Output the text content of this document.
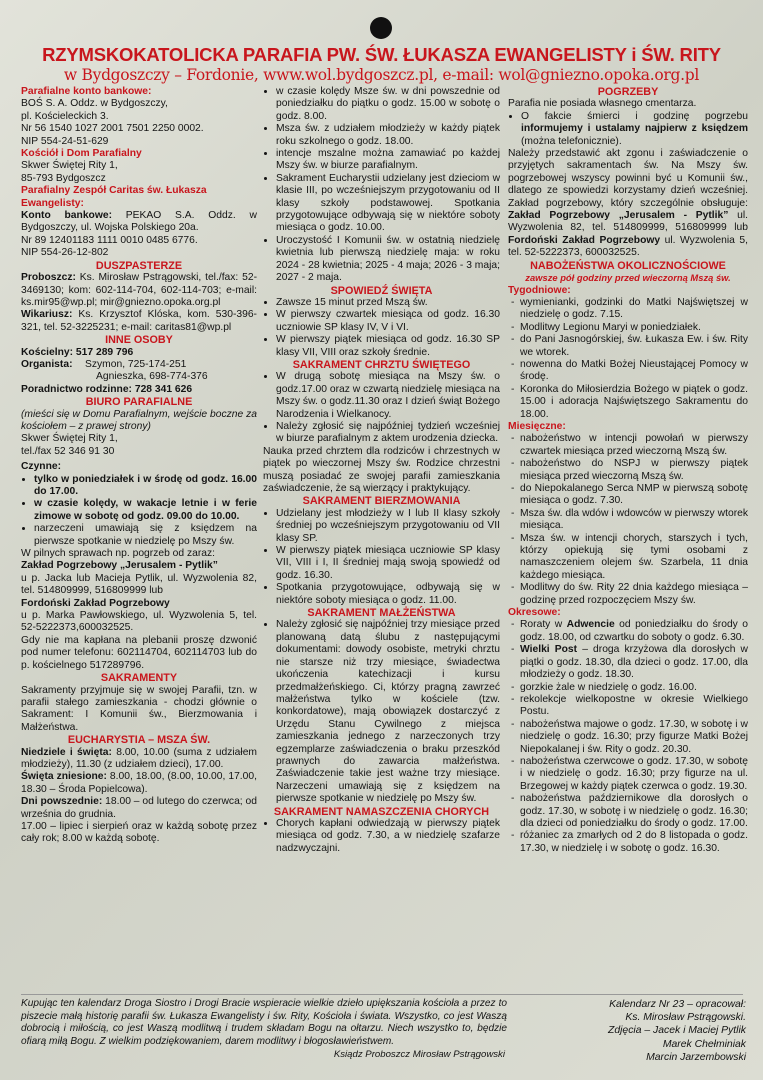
RZYMSKOKATOLICKA PARAFIA PW. ŚW. ŁUKASZA EWANGELISTY i ŚW. RITY
w Bydgoszczy – Fordonie, www.wol.bydgoszcz.pl, e-mail: wol@gniezno.opoka.org.pl

Parafialne konto bankowe:

BOŚ S. A. Oddz. w Bydgoszczy,

pl. Kościeleckich 3.

Nr 56 1540 1027 2001 7501 2250 0002.

NIP 554-24-51-629

Kościół i Dom Parafialny

Skwer Świętej Rity 1,

85-793 Bydgoszcz

Parafialny Zespół Caritas św. Łukasza Ewangelisty:

Konto bankowe: PEKAO S.A. Oddz. w Bydgoszczy, ul. Wojska Polskiego 20a.

Nr 89 12401183 1111 0010 0485 6776.

NIP 554-26-12-802

DUSZPASTERZE

Proboszcz: Ks. Mirosław Pstrągowski, tel./fax: 52-3469130; kom: 602-114-704, 602-114-703; e-mail: ks.mir95@wp.pl; mir@gniezno.opoka.org.pl

Wikariusz: Ks. Krzysztof Klóska, kom. 530-396-321, tel. 52-3225231; e-mail: caritas81@wp.pl

INNE OSOBY

Kościelny: 517 289 796

Organista:	Szymon, 725-174-251

Agnieszka, 698-774-376

Poradnictwo rodzinne: 728 341 626

BIURO PARAFIALNE

(mieści się w Domu Parafialnym, wejście boczne za kościołem – z prawej strony)

Skwer Świętej Rity 1,

tel./fax 52 346 91 30

Czynne:

• tylko w poniedziałek i w środę od godz. 16.00 do 17.00.
• w czasie kolędy, w wakacje letnie i w ferie zimowe w sobotę od godz. 09.00 do 10.00.
• narzeczeni umawiają się z księdzem na pierwsze spotkanie w niedzielę po Mszy św.

W pilnych sprawach np. pogrzeb od zaraz:

Zakład Pogrzebowy „Jerusalem - Pytlik”

u p. Jacka lub Macieja Pytlik, ul. Wyzwolenia 82, tel. 514809999, 516809999 lub

Fordoński Zakład Pogrzebowy

u p. Marka Pawłowskiego, ul. Wyzwolenia 5, tel. 52-5222373,600032525.

Gdy nie ma kapłana na plebanii proszę dzwonić pod numer telefonu: 602114704, 602114703 lub do p. kościelnego 517289796.

SAKRAMENTY

Sakramenty przyjmuje się w swojej Parafii, tzn. w parafii stałego zamieszkania - chodzi głównie o Sakrament: I Komunii św., Bierzmowania i Małżeństwa.

EUCHARYSTIA – MSZA ŚW.

Niedziele i święta: 8.00, 10.00 (suma z udziałem młodzieży), 11.30 (z udziałem dzieci), 17.00.

Święta zniesione: 8.00, 18.00, (8.00, 10.00, 17.00, 18.30 – Środa Popielcowa).

Dni powszednie: 18.00 – od lutego do czerwca; od września do grudnia.

17.00 – lipiec i sierpień oraz w każdą sobotę przez cały rok; 8.00 w każdą sobotę.

• w czasie kolędy Msze św. w dni powszednie od poniedziałku do piątku o godz. 15.00 w sobotę o godz. 8.00.
• Msza św. z udziałem młodzieży w każdy piątek roku szkolnego o godz. 18.00.
• intencje mszalne można zamawiać po każdej Mszy św. w biurze parafialnym.
• Sakrament Eucharystii udzielany jest dzieciom w klasie III, po wcześniejszym przygotowaniu od II klasy szkoły podstawowej. Spotkania przygotowujące odbywają się w niektóre soboty miesiąca o godz. 10.00.
• Uroczystość I Komunii św. w ostatnią niedzielę kwietnia lub pierwszą niedzielę maja: w roku 2024 - 28 kwietnia; 2025 - 4 maja; 2026 - 3 maja; 2027 - 2 maja.

SPOWIEDŹ ŚWIĘTA

• Zawsze 15 minut przed Mszą św.
• W pierwszy czwartek miesiąca od godz. 16.30 uczniowie SP klasy IV, V i VI.
• W pierwszy piątek miesiąca od godz. 16.30 SP klasy VII, VIII oraz szkoły średnie.

SAKRAMENT CHRZTU ŚWIĘTEGO

• W drugą sobotę miesiąca na Mszy św. o godz.17.00 oraz w czwartą niedzielę miesiąca na Mszy św. o godz.11.30 oraz I dzień świąt Bożego Narodzenia i Wielkanocy.
• Należy zgłosić się najpóźniej tydzień wcześniej w biurze parafialnym z aktem urodzenia dziecka.

Nauka przed chrztem dla rodziców i chrzestnych w piątek po wieczornej Mszy św. Rodzice chrzestni muszą posiadać ze swojej parafii zamieszkania zaświadczenie, że są wierzący i praktykujący.

SAKRAMENT BIERZMOWANIA

• Udzielany jest młodzieży w I lub II klasy szkoły średniej po wcześniejszym przygotowaniu od VII klasy SP.
• W pierwszy piątek miesiąca uczniowie SP klasy VII, VIII i I, II średniej mają swoją spowiedź od godz. 16.30.
• Spotkania przygotowujące, odbywają się w niektóre soboty miesiąca o godz. 11.00.

SAKRAMENT MAŁŻEŃSTWA

• Należy zgłosić się najpóźniej trzy miesiące przed planowaną datą ślubu z następującymi dokumentami: dowody osobiste, metryki chrztu nie starsze niż trzy miesiące, świadectwa ukończenia katechizacji i kursu przedmałżeńskiego. Ci, którzy pragną zawrzeć małżeństwa tylko w kościele (tzw. konkordatowe), mają obowiązek dostarczyć z Urzędu Stanu Cywilnego z miejsca zamieszkania jednego z narzeczonych trzy egzemplarze zaświadczenia o braku przeszkód prawnych do zawarcia małżeństwa. Zaświadczenie takie jest ważne trzy miesiące. Narzeczeni umawiają się z księdzem na pierwsze spotkanie w niedzielę po Mszy św.

SAKRAMENT NAMASZCZENIA CHORYCH

• Chorych kapłani odwiedzają w pierwszy piątek miesiąca od godz. 7.30, a w niedzielę szafarze nadzwyczajni.

POGRZEBY

Parafia nie posiada własnego cmentarza.

• O fakcie śmierci i godzinę pogrzebu informujemy i ustalamy najpierw z księdzem (można telefonicznie).

Należy przedstawić akt zgonu i zaświadczenie o przyjętych sakramentach św. Na Mszy św. pogrzebowej wszyscy powinni być u Komunii św., dlatego ze spowiedzi korzystamy dzień wcześniej. Zakład pogrzebowy, który szczególnie obsługuje: Zakład Pogrzebowy „Jerusalem - Pytlik” ul. Wyzwolenia 82, tel. 514809999, 516809999 lub Fordoński Zakład Pogrzebowy ul. Wyzwolenia 5, tel. 52-5222373, 600032525.

NABOŻEŃSTWA OKOLICZNOŚCIOWE

zawsze pół godziny przed wieczorną Mszą św.

Tygodniowe:

- wymienianki, godzinki do Matki Najświętszej w niedzielę o godz. 7.15.
- Modlitwy Legionu Maryi w poniedziałek.
- do Pani Jasnogórskiej, św. Łukasza Ew. i św. Rity we wtorek.
- nowenna do Matki Bożej Nieustającej Pomocy w środę.
- Koronka do Miłosierdzia Bożego w piątek o godz. 15.00 i adoracja Najświętszego Sakramentu do 18.00.

Miesięczne:

- nabożeństwo w intencji powołań w pierwszy czwartek miesiąca przed wieczorną Mszą św.
- nabożeństwo do NSPJ w pierwszy piątek miesiąca przed wieczorną Mszą św.
- do Niepokalanego Serca NMP w pierwszą sobotę miesiąca o godz. 7.30.
- Msza św. dla wdów i wdowców w pierwszy wtorek miesiąca.
- Msza św. w intencji chorych, starszych i tych, którzy opiekują się tymi osobami z namaszczeniem olejem św. Szarbela, 11 dnia każdego miesiąca.
- Modlitwy do św. Rity 22 dnia każdego miesiąca – godzinę przed rozpoczęciem Mszy św.

Okresowe:

- Roraty w Adwencie od poniedziałku do środy o godz. 18.00, od czwartku do soboty o godz. 6.30.
- Wielki Post – droga krzyżowa dla dorosłych w piątki o godz. 18.30, dla dzieci o godz. 17.00, dla młodzieży o godz. 18.30.
- gorzkie żale w niedzielę o godz. 16.00.
- rekolekcje wielkopostne w okresie Wielkiego Postu.
- nabożeństwa majowe o godz. 17.30, w sobotę i w niedzielę o godz. 16.30; przy figurze Matki Bożej Niepokalanej i św. Rity o godz. 20.30.
- nabożeństwa czerwcowe o godz. 17.30, w sobotę i w niedzielę o godz. 16.30; przy figurze na ul. Brzegowej w każdy piątek czerwca o godz. 19.30.
- nabożeństwa październikowe dla dorosłych o godz. 17.30, w sobotę i w niedzielę o godz. 16.30; dla dzieci od poniedziałku do środy o godz. 17.00.
- różaniec za zmarłych od 2 do 8 listopada o godz. 17.30, w niedzielę i w sobotę o godz. 16.30.
Kupując ten kalendarz Droga Siostro i Drogi Bracie wspieracie wielkie dzieło upiększania kościoła a przez to piszecie małą historię parafii św. Łukasza Ewangelisty i św. Rity, Kościoła i świata. Wszystko, co jest Waszą dobrocią i miłością, co jest Waszą modlitwą i trudem składam Bogu na ołtarzu. Niech wszystko to, będzie ofiarą miłą Bogu. Z wielkim podziękowaniem, darem modlitwy i błogosławieństwem.
Ksiądz Proboszcz Mirosław Pstrągowski
Kalendarz Nr 23 – opracował:
Ks. Mirosław Pstrągowski.
Zdjęcia – Jacek i Maciej Pytlik
Marek Chełminiak
Marcin Jarzembowski
